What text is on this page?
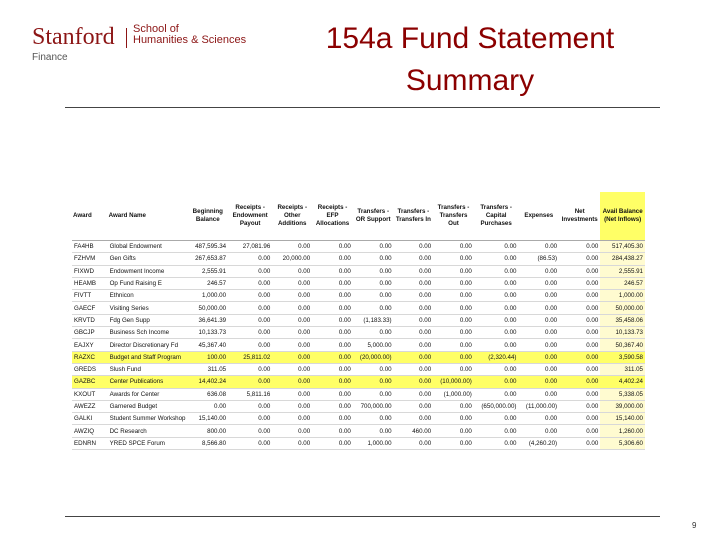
Stanford School of
Humanities & Sciences
Finance
154a Fund Statement
Summary
Award	Award Name	Beginning Balance	Receipts - Endowment Payout	Receipts - Other Additions	Receipts - EFP Allocations	Transfers - OR Support	Transfers - Transfers In	Transfers - Transfers Out	Transfers - Capital Purchases	Expenses	Net Investments	Avail Balance (Net Inflows)
FA4HB	Global Endowment	487,595.34	27,081.96	0.00	0.00	0.00	0.00	0.00	0.00	0.00	0.00	517,405.30
FZHVM	Gen Gifts	267,653.87	0.00	20,000.00	0.00	0.00	0.00	0.00	0.00	(86.53)	0.00	284,438.27
FIXWD	Endowment Income	2,555.91	0.00	0.00	0.00	0.00	0.00	0.00	0.00	0.00	0.00	2,555.91
HEAMB	Op Fund Raising E	246.57	0.00	0.00	0.00	0.00	0.00	0.00	0.00	0.00	0.00	246.57
FIVTT	Ethnicon	1,000.00	0.00	0.00	0.00	0.00	0.00	0.00	0.00	0.00	0.00	1,000.00
GAECF	Visiting Series	50,000.00	0.00	0.00	0.00	0.00	0.00	0.00	0.00	0.00	0.00	50,000.00
KRVTD	Fdg Gen Supp	36,641.39	0.00	0.00	0.00	(1,183.33)	0.00	0.00	0.00	0.00	0.00	35,458.06
GBCJP	Business Sch Income	10,133.73	0.00	0.00	0.00	0.00	0.00	0.00	0.00	0.00	0.00	10,133.73
EAJXY	Director Discretionary Fd	45,367.40	0.00	0.00	0.00	5,000.00	0.00	0.00	0.00	0.00	0.00	50,367.40
RAZXC	Budget and Staff Program	100.00	25,811.02	0.00	0.00	(20,000.00)	0.00	0.00	(2,320.44)	0.00	0.00	3,590.58
GREDS	Slush Fund	311.05	0.00	0.00	0.00	0.00	0.00	0.00	0.00	0.00	0.00	311.05
GAZBC	Center Publications	14,402.24	0.00	0.00	0.00	0.00	0.00	(10,000.00)	0.00	0.00	0.00	4,402.24
KXOUT	Awards for Center	636.08	5,811.16	0.00	0.00	0.00	0.00	(1,000.00)	0.00	0.00	0.00	5,338.05
AWEZZ	Garnered Budget	0.00	0.00	0.00	0.00	700,000.00	0.00	0.00	(650,000.00)	(11,000.00)	0.00	39,000.00
GALKI	Student Summer Workshop	15,140.00	0.00	0.00	0.00	0.00	0.00	0.00	0.00	0.00	0.00	15,140.00
AWZIQ	DC Research	800.00	0.00	0.00	0.00	0.00	460.00	0.00	0.00	0.00	0.00	1,260.00
EDNRN	YRED SPCE Forum	8,566.80	0.00	0.00	0.00	1,000.00	0.00	0.00	0.00	(4,260.20)	0.00	5,306.60
9
